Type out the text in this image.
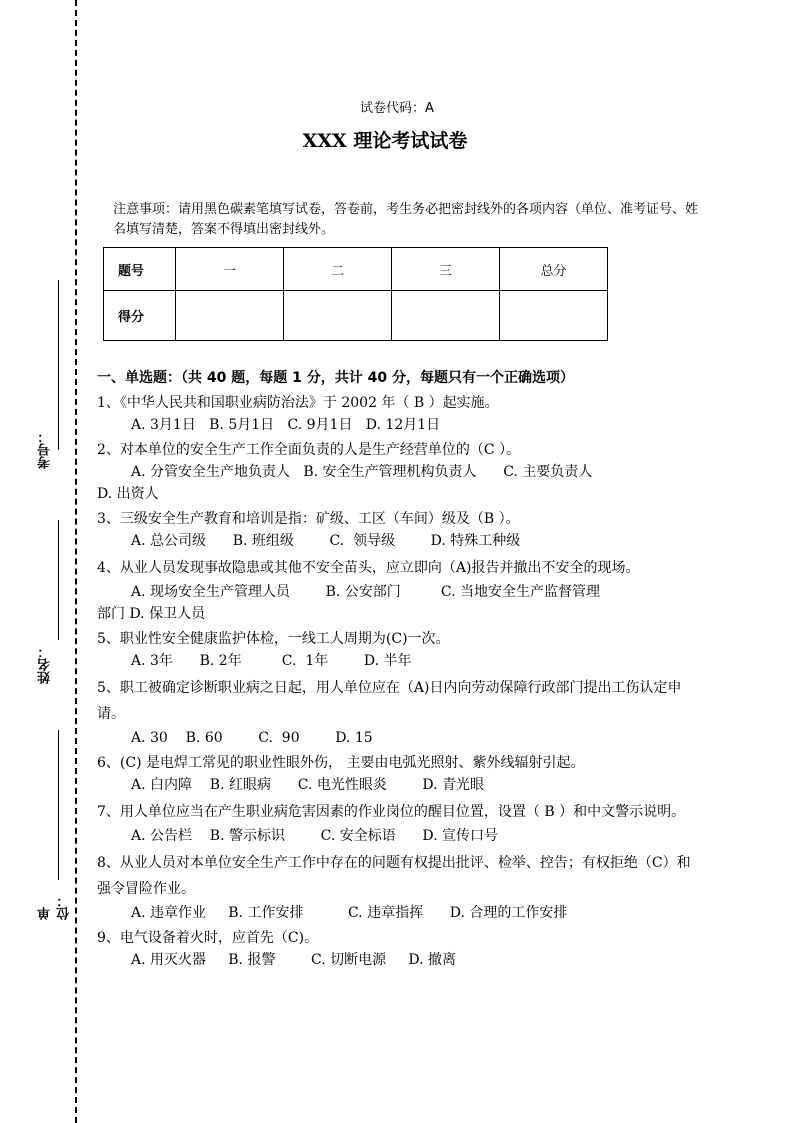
考号：
姓名：
单位：
试卷代码：A
XXX 理论考试试卷
注意事项：请用黑色碳素笔填写试卷，答卷前，考生务必把密封线外的各项内容（单位、准考证号、姓名填写清楚，答案不得填出密封线外。
题号	一	二	三	总分
得分				
一、单选题：（共 40 题，每题 1 分，共计 40 分，每题只有一个正确选项）
1、《中华人民共和国职业病防治法》于 2002 年（ B ）起实施。
A. 3月1日   B. 5月1日   C. 9月1日   D. 12月1日
2、对本单位的安全生产工作全面负责的人是生产经营单位的（C ）。
A. 分管安全生产地负责人   B. 安全生产管理机构负责人      C. 主要负责人
D. 出资人
3、三级安全生产教育和培训是指：矿级、工区（车间）级及（B ）。
A. 总公司级      B. 班组级        C.  领导级        D. 特殊工种级
4、从业人员发现事故隐患或其他不安全苗头，应立即向（A)报告并撤出不安全的现场。
A. 现场安全生产管理人员        B. 公安部门         C. 当地安全生产监督管理
部门 D. 保卫人员
5、职业性安全健康监护体检，一线工人周期为(C)一次。
A. 3年      B. 2年         C.  1年        D. 半年
5、职工被确定诊断职业病之日起，用人单位应在（A)日内向劳动保障行政部门提出工伤认定申请。
A. 30    B. 60        C.  90        D. 15
6、(C) 是电焊工常见的职业性眼外伤， 主要由电弧光照射、紫外线辐射引起。
A. 白内障    B. 红眼病      C. 电光性眼炎        D. 青光眼
7、用人单位应当在产生职业病危害因素的作业岗位的醒目位置，设置（ B ）和中文警示说明。
A. 公告栏    B. 警示标识        C. 安全标语      D. 宣传口号
8、从业人员对本单位安全生产工作中存在的问题有权提出批评、检举、控告；有权拒绝（C）和强令冒险作业。
A. 违章作业     B. 工作安排          C. 违章指挥      D. 合理的工作安排
9、电气设备着火时，应首先（C)。
A. 用灭火器     B. 报警        C. 切断电源     D. 撤离
